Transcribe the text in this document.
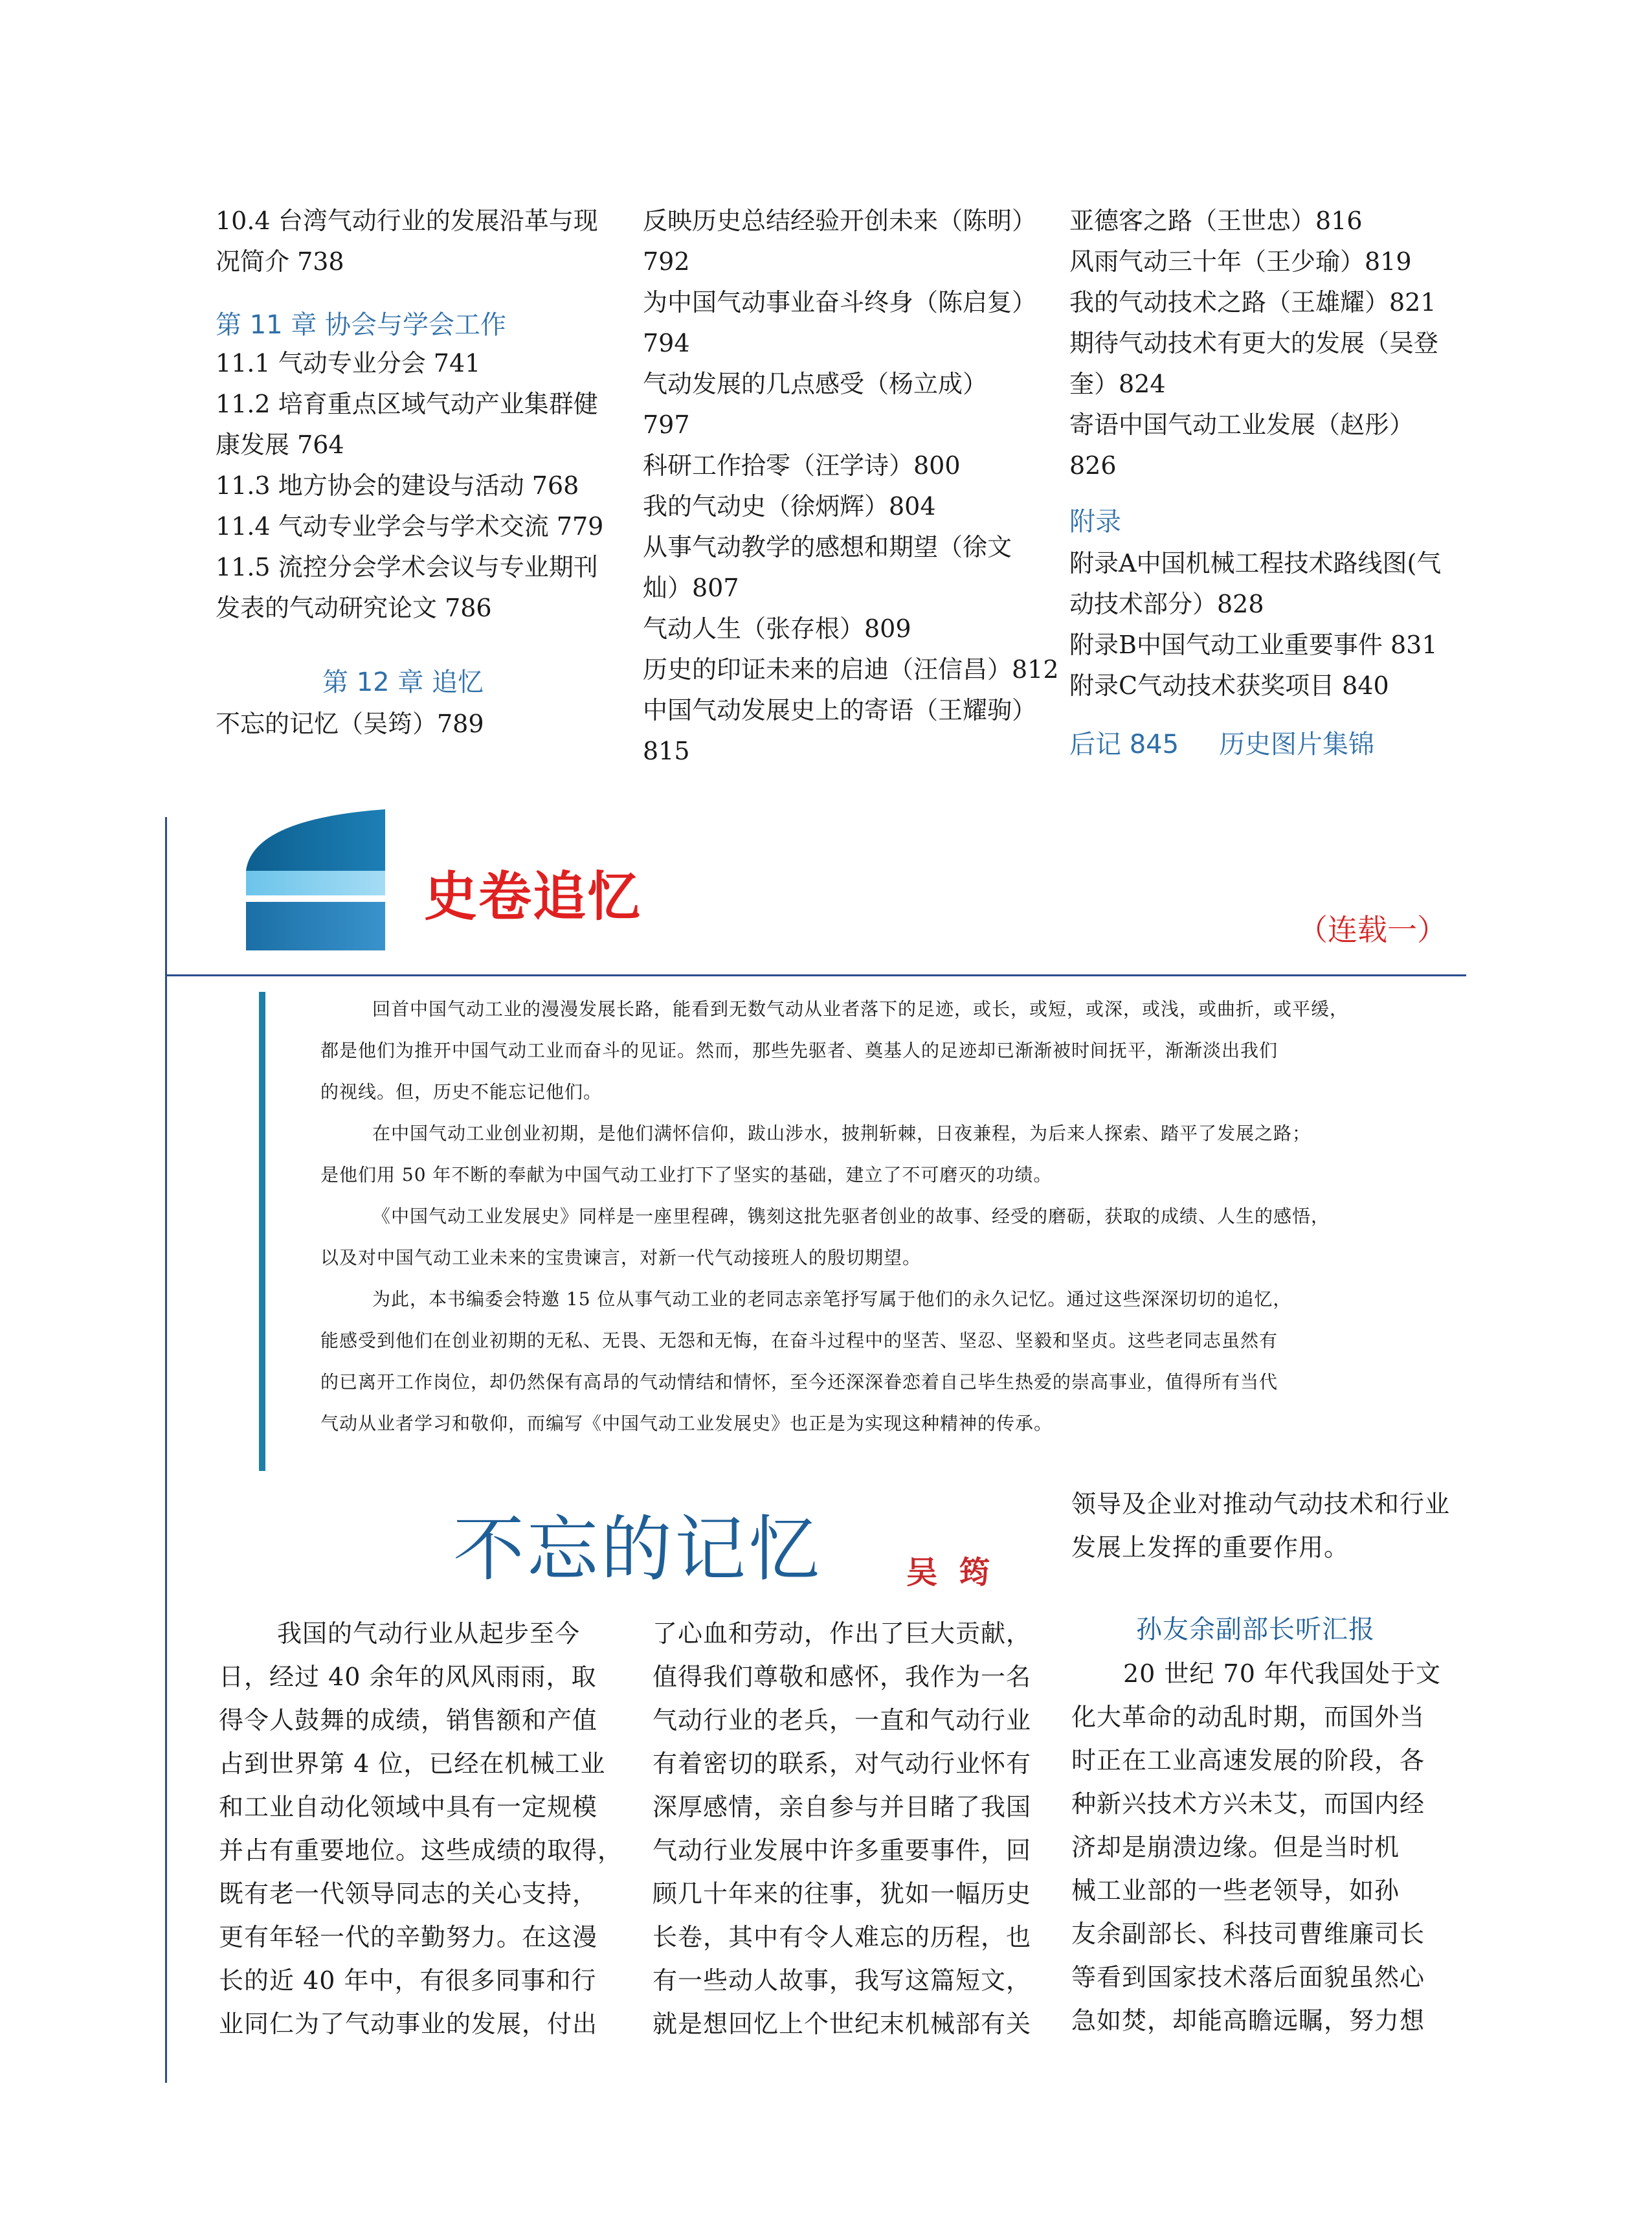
10.4 台湾气动行业的发展沿革与现
况简介 738
第 11 章 协会与学会工作
11.1 气动专业分会 741
11.2 培育重点区域气动产业集群健
康发展 764
11.3 地方协会的建设与活动 768
11.4 气动专业学会与学术交流 779
11.5 流控分会学术会议与专业期刊
发表的气动研究论文 786
第 12 章 追忆
不忘的记忆（吴筠）789
反映历史总结经验开创未来（陈明）
792
为中国气动事业奋斗终身（陈启复）
794
气动发展的几点感受（杨立成）
797
科研工作拾零（汪学诗）800
我的气动史（徐炳辉）804
从事气动教学的感想和期望（徐文
灿）807
气动人生（张存根）809
历史的印证未来的启迪（汪信昌）812
中国气动发展史上的寄语（王耀驹）
815
亚德客之路（王世忠）816
风雨气动三十年（王少瑜）819
我的气动技术之路（王雄耀）821
期待气动技术有更大的发展（吴登
奎）824
寄语中国气动工业发展（赵彤）
826
附录
附录A中国机械工程技术路线图(气
动技术部分）828
附录B中国气动工业重要事件 831
附录C气动技术获奖项目 840
后记 845 历史图片集锦
史卷追忆
（连载一）

回首中国气动工业的漫漫发展长路，能看到无数气动从业者落下的足迹，或长，或短，或深，或浅，或曲折，或平缓，
都是他们为推开中国气动工业而奋斗的见证。然而，那些先驱者、奠基人的足迹却已渐渐被时间抚平，渐渐淡出我们
的视线。但，历史不能忘记他们。

在中国气动工业创业初期，是他们满怀信仰，跋山涉水，披荆斩棘，日夜兼程，为后来人探索、踏平了发展之路；
是他们用 50 年不断的奉献为中国气动工业打下了坚实的基础，建立了不可磨灭的功绩。

《中国气动工业发展史》同样是一座里程碑，镌刻这批先驱者创业的故事、经受的磨砺，获取的成绩、人生的感悟，
以及对中国气动工业未来的宝贵谏言，对新一代气动接班人的殷切期望。

为此，本书编委会特邀 15 位从事气动工业的老同志亲笔抒写属于他们的永久记忆。通过这些深深切切的追忆，
能感受到他们在创业初期的无私、无畏、无怨和无悔，在奋斗过程中的坚苦、坚忍、坚毅和坚贞。这些老同志虽然有
的已离开工作岗位，却仍然保有高昂的气动情结和情怀，至今还深深眷恋着自己毕生热爱的崇高事业，值得所有当代
气动从业者学习和敬仰，而编写《中国气动工业发展史》也正是为实现这种精神的传承。

不忘的记忆	吴  筠
我国的气动行业从起步至今
日，经过 40 余年的风风雨雨，取
得令人鼓舞的成绩，销售额和产值
占到世界第 4 位，已经在机械工业
和工业自动化领域中具有一定规模
并占有重要地位。这些成绩的取得，
既有老一代领导同志的关心支持，
更有年轻一代的辛勤努力。在这漫
长的近 40 年中，有很多同事和行
业同仁为了气动事业的发展，付出
了心血和劳动，作出了巨大贡献，
值得我们尊敬和感怀，我作为一名
气动行业的老兵，一直和气动行业
有着密切的联系，对气动行业怀有
深厚感情，亲自参与并目睹了我国
气动行业发展中许多重要事件，回
顾几十年来的往事，犹如一幅历史
长卷，其中有令人难忘的历程，也
有一些动人故事，我写这篇短文，
就是想回忆上个世纪末机械部有关
领导及企业对推动气动技术和行业
发展上发挥的重要作用。
孙友余副部长听汇报
20 世纪 70 年代我国处于文
化大革命的动乱时期，而国外当
时正在工业高速发展的阶段，各
种新兴技术方兴未艾，而国内经
济却是崩溃边缘。但是当时机
械工业部的一些老领导，如孙
友余副部长、科技司曹维廉司长
等看到国家技术落后面貌虽然心
急如焚，却能高瞻远瞩，努力想
